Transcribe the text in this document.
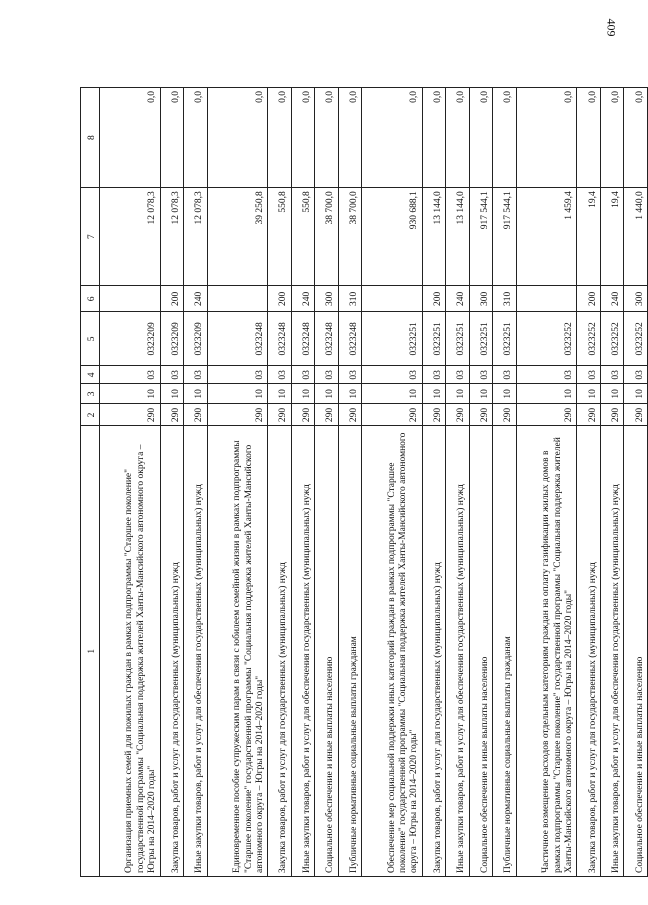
409
1	2	3	4	5	6	7	8
Организация приемных семей для пожилых граждан в рамках подпрограммы "Старшее поколение" государственной программы "Социальная поддержка жителей Ханты-Мансийского автономного округа – Югры на 2014–2020 годы"	290	10	03	0323209		12 078,3	0,0
Закупка товаров, работ и услуг для государственных (муниципальных) нужд	290	10	03	0323209	200	12 078,3	0,0
Иные закупки товаров, работ и услуг для обеспечения государственных (муниципальных) нужд	290	10	03	0323209	240	12 078,3	0,0
Единовременное пособие супружеским парам в связи с юбилеем семейной жизни в рамках подпрограммы "Старшее поколение" государственной программы "Социальная поддержка жителей Ханты-Мансийского автономного округа – Югры на 2014–2020 годы"	290	10	03	0323248		39 250,8	0,0
Закупка товаров, работ и услуг для государственных (муниципальных) нужд	290	10	03	0323248	200	550,8	0,0
Иные закупки товаров, работ и услуг для обеспечения государственных (муниципальных) нужд	290	10	03	0323248	240	550,8	0,0
Социальное обеспечение и иные выплаты населению	290	10	03	0323248	300	38 700,0	0,0
Публичные нормативные социальные выплаты гражданам	290	10	03	0323248	310	38 700,0	0,0
Обеспечение мер социальной поддержки иных категорий граждан в рамках подпрограммы "Старшее поколение" государственной программы "Социальная поддержка жителей Ханты-Мансийского автономного округа – Югры на 2014–2020 годы"	290	10	03	0323251		930 688,1	0,0
Закупка товаров, работ и услуг для государственных (муниципальных) нужд	290	10	03	0323251	200	13 144,0	0,0
Иные закупки товаров, работ и услуг для обеспечения государственных (муниципальных) нужд	290	10	03	0323251	240	13 144,0	0,0
Социальное обеспечение и иные выплаты населению	290	10	03	0323251	300	917 544,1	0,0
Публичные нормативные социальные выплаты гражданам	290	10	03	0323251	310	917 544,1	0,0
Частичное возмещение расходов отдельным категориям граждан на оплату газификации жилых домов в рамках подпрограммы "Старшее поколение" государственной программы "Социальная поддержка жителей Ханты-Мансийского автономного округа – Югры на 2014–2020 годы"	290	10	03	0323252		1 459,4	0,0
Закупка товаров, работ и услуг для государственных (муниципальных) нужд	290	10	03	0323252	200	19,4	0,0
Иные закупки товаров, работ и услуг для обеспечения государственных (муниципальных) нужд	290	10	03	0323252	240	19,4	0,0
Социальное обеспечение и иные выплаты населению	290	10	03	0323252	300	1 440,0	0,0
